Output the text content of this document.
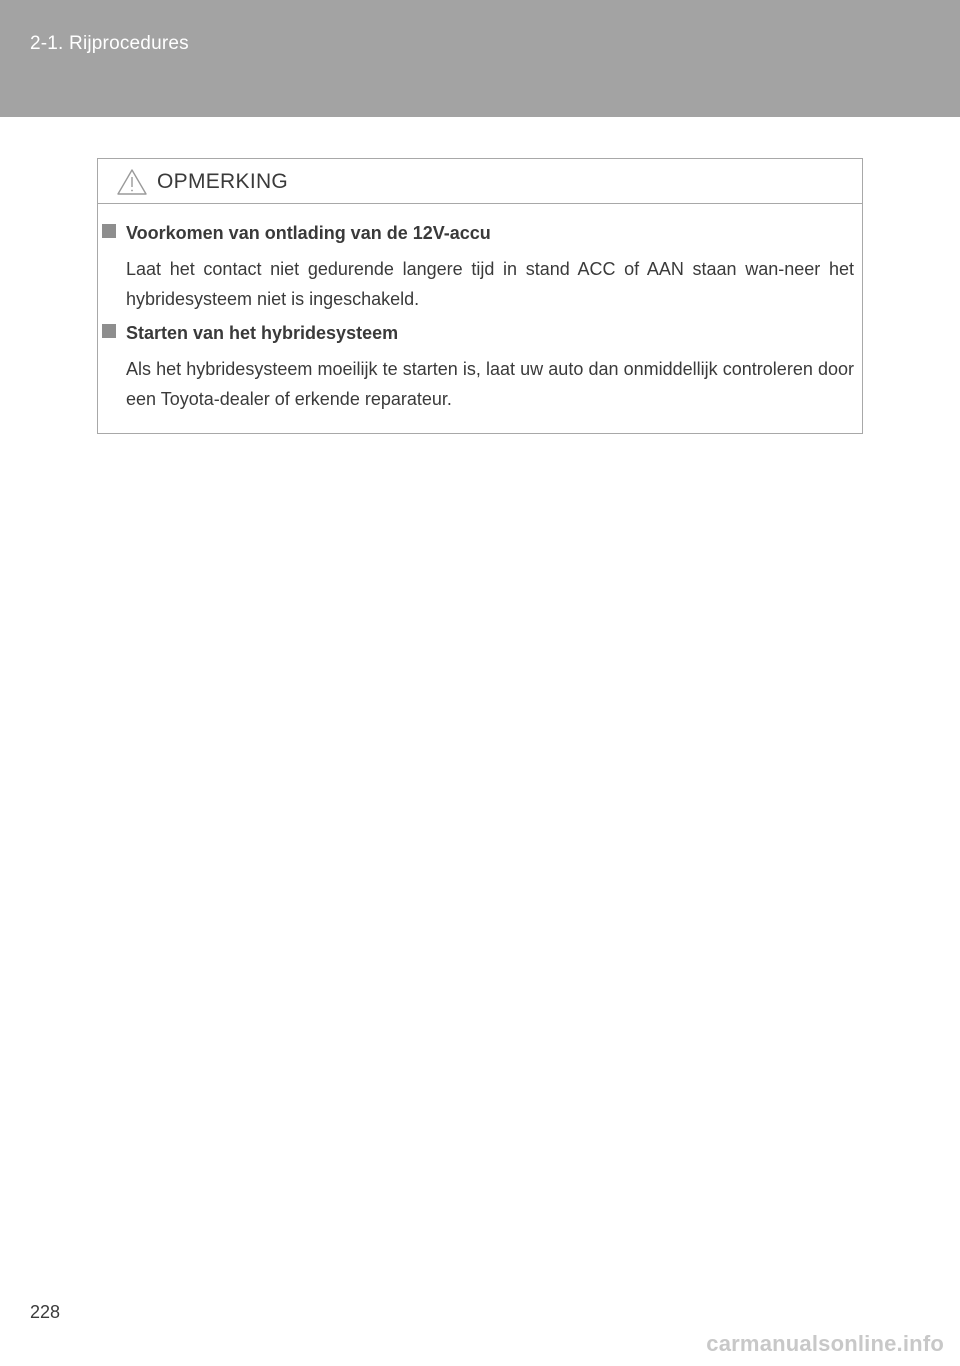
2-1. Rijprocedures
OPMERKING
Voorkomen van ontlading van de 12V-accu
Laat het contact niet gedurende langere tijd in stand ACC of AAN staan wan-neer het hybridesysteem niet is ingeschakeld.
Starten van het hybridesysteem
Als het hybridesysteem moeilijk te starten is, laat uw auto dan onmiddellijk controleren door een Toyota-dealer of erkende reparateur.
228
carmanualsonline.info
